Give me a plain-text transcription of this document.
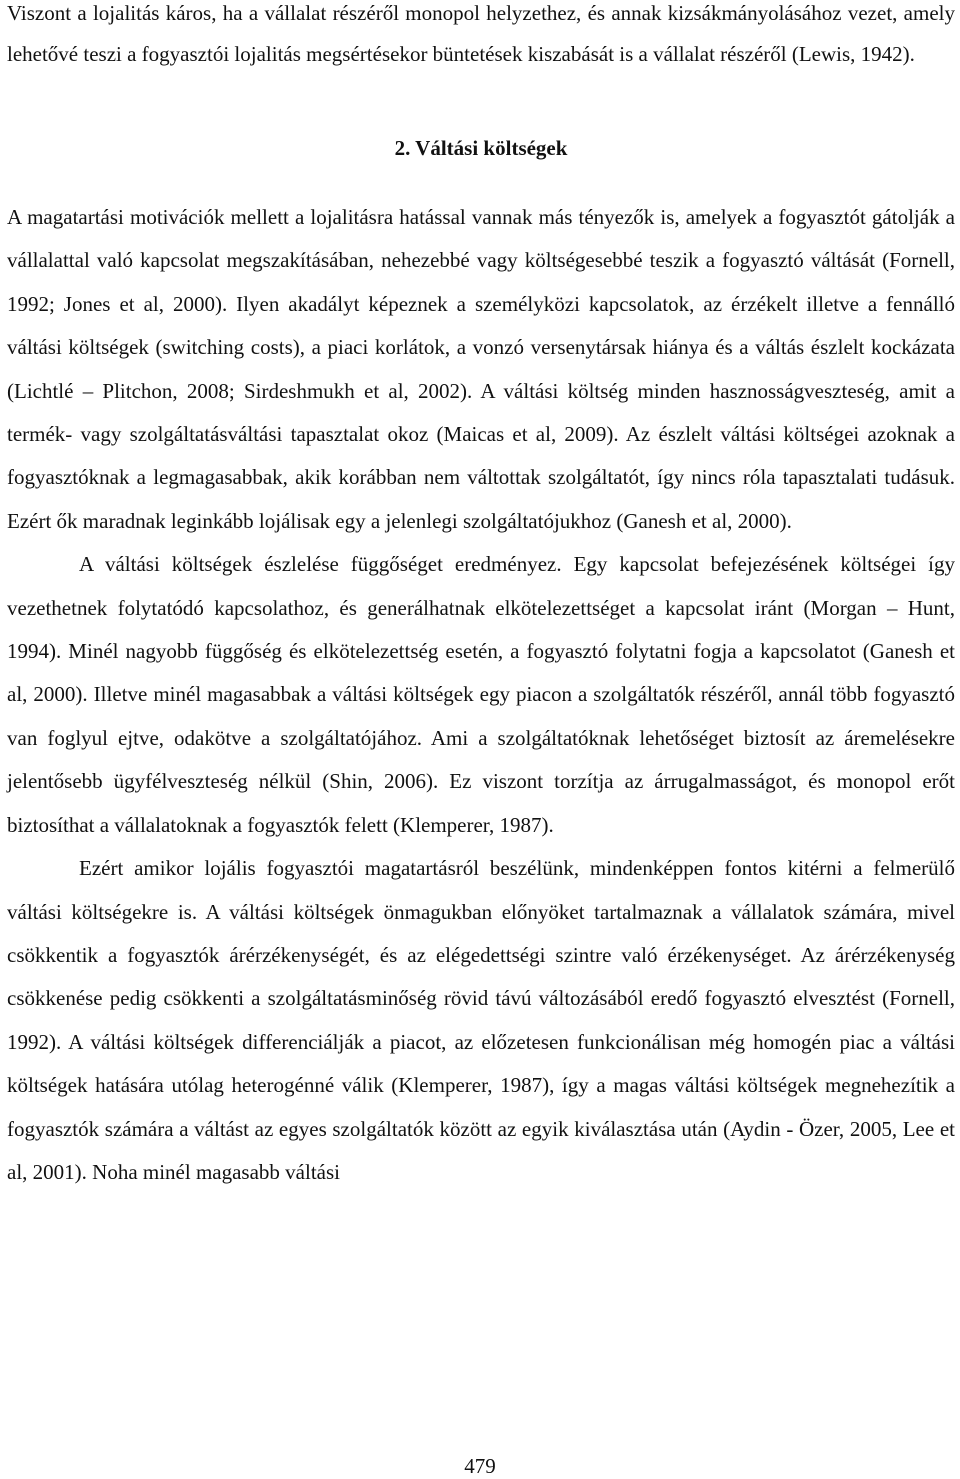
Viszont a lojalitás káros, ha a vállalat részéről monopol helyzethez, és annak kizsákmányolásához vezet, amely lehetővé teszi a fogyasztói lojalitás megsértésekor büntetések kiszabását is a vállalat részéről (Lewis, 1942).

2. Váltási költségek

A magatartási motivációk mellett a lojalitásra hatással vannak más tényezők is, amelyek a fogyasztót gátolják a vállalattal való kapcsolat megszakításában, nehezebbé vagy költségesebbé teszik a fogyasztó váltását (Fornell, 1992; Jones et al, 2000). Ilyen akadályt képeznek a személyközi kapcsolatok, az érzékelt illetve a fennálló váltási költségek (switching costs), a piaci korlátok, a vonzó versenytársak hiánya és a váltás észlelt kockázata (Lichtlé – Plitchon, 2008; Sirdeshmukh et al, 2002). A váltási költség minden hasznosságveszteség, amit a termék- vagy szolgáltatásváltási tapasztalat okoz (Maicas et al, 2009). Az észlelt váltási költségei azoknak a fogyasztóknak a legmagasabbak, akik korábban nem váltottak szolgáltatót, így nincs róla tapasztalati tudásuk. Ezért ők maradnak leginkább lojálisak egy a jelenlegi szolgáltatójukhoz (Ganesh et al, 2000).

A váltási költségek észlelése függőséget eredményez. Egy kapcsolat befejezésének költségei így vezethetnek folytatódó kapcsolathoz, és generálhatnak elkötelezettséget a kapcsolat iránt (Morgan – Hunt, 1994). Minél nagyobb függőség és elkötelezettség esetén, a fogyasztó folytatni fogja a kapcsolatot (Ganesh et al, 2000). Illetve minél magasabbak a váltási költségek egy piacon a szolgáltatók részéről, annál több fogyasztó van foglyul ejtve, odakötve a szolgáltatójához. Ami a szolgáltatóknak lehetőséget biztosít az áremelésekre jelentősebb ügyfélveszteség nélkül (Shin, 2006). Ez viszont torzítja az árrugalmasságot, és monopol erőt biztosíthat a vállalatoknak a fogyasztók felett (Klemperer, 1987).

Ezért amikor lojális fogyasztói magatartásról beszélünk, mindenképpen fontos kitérni a felmerülő váltási költségekre is. A váltási költségek önmagukban előnyöket tartalmaznak a vállalatok számára, mivel csökkentik a fogyasztók árérzékenységét, és az elégedettségi szintre való érzékenységet. Az árérzékenység csökkenése pedig csökkenti a szolgáltatásminőség rövid távú változásából eredő fogyasztó elvesztést (Fornell, 1992). A váltási költségek differenciálják a piacot, az előzetesen funkcionálisan még homogén piac a váltási költségek hatására utólag heterogénné válik (Klemperer, 1987), így a magas váltási költségek megnehezítik a fogyasztók számára a váltást az egyes szolgáltatók között az egyik kiválasztása után (Aydin - Özer, 2005, Lee et al, 2001). Noha minél magasabb váltási

479
